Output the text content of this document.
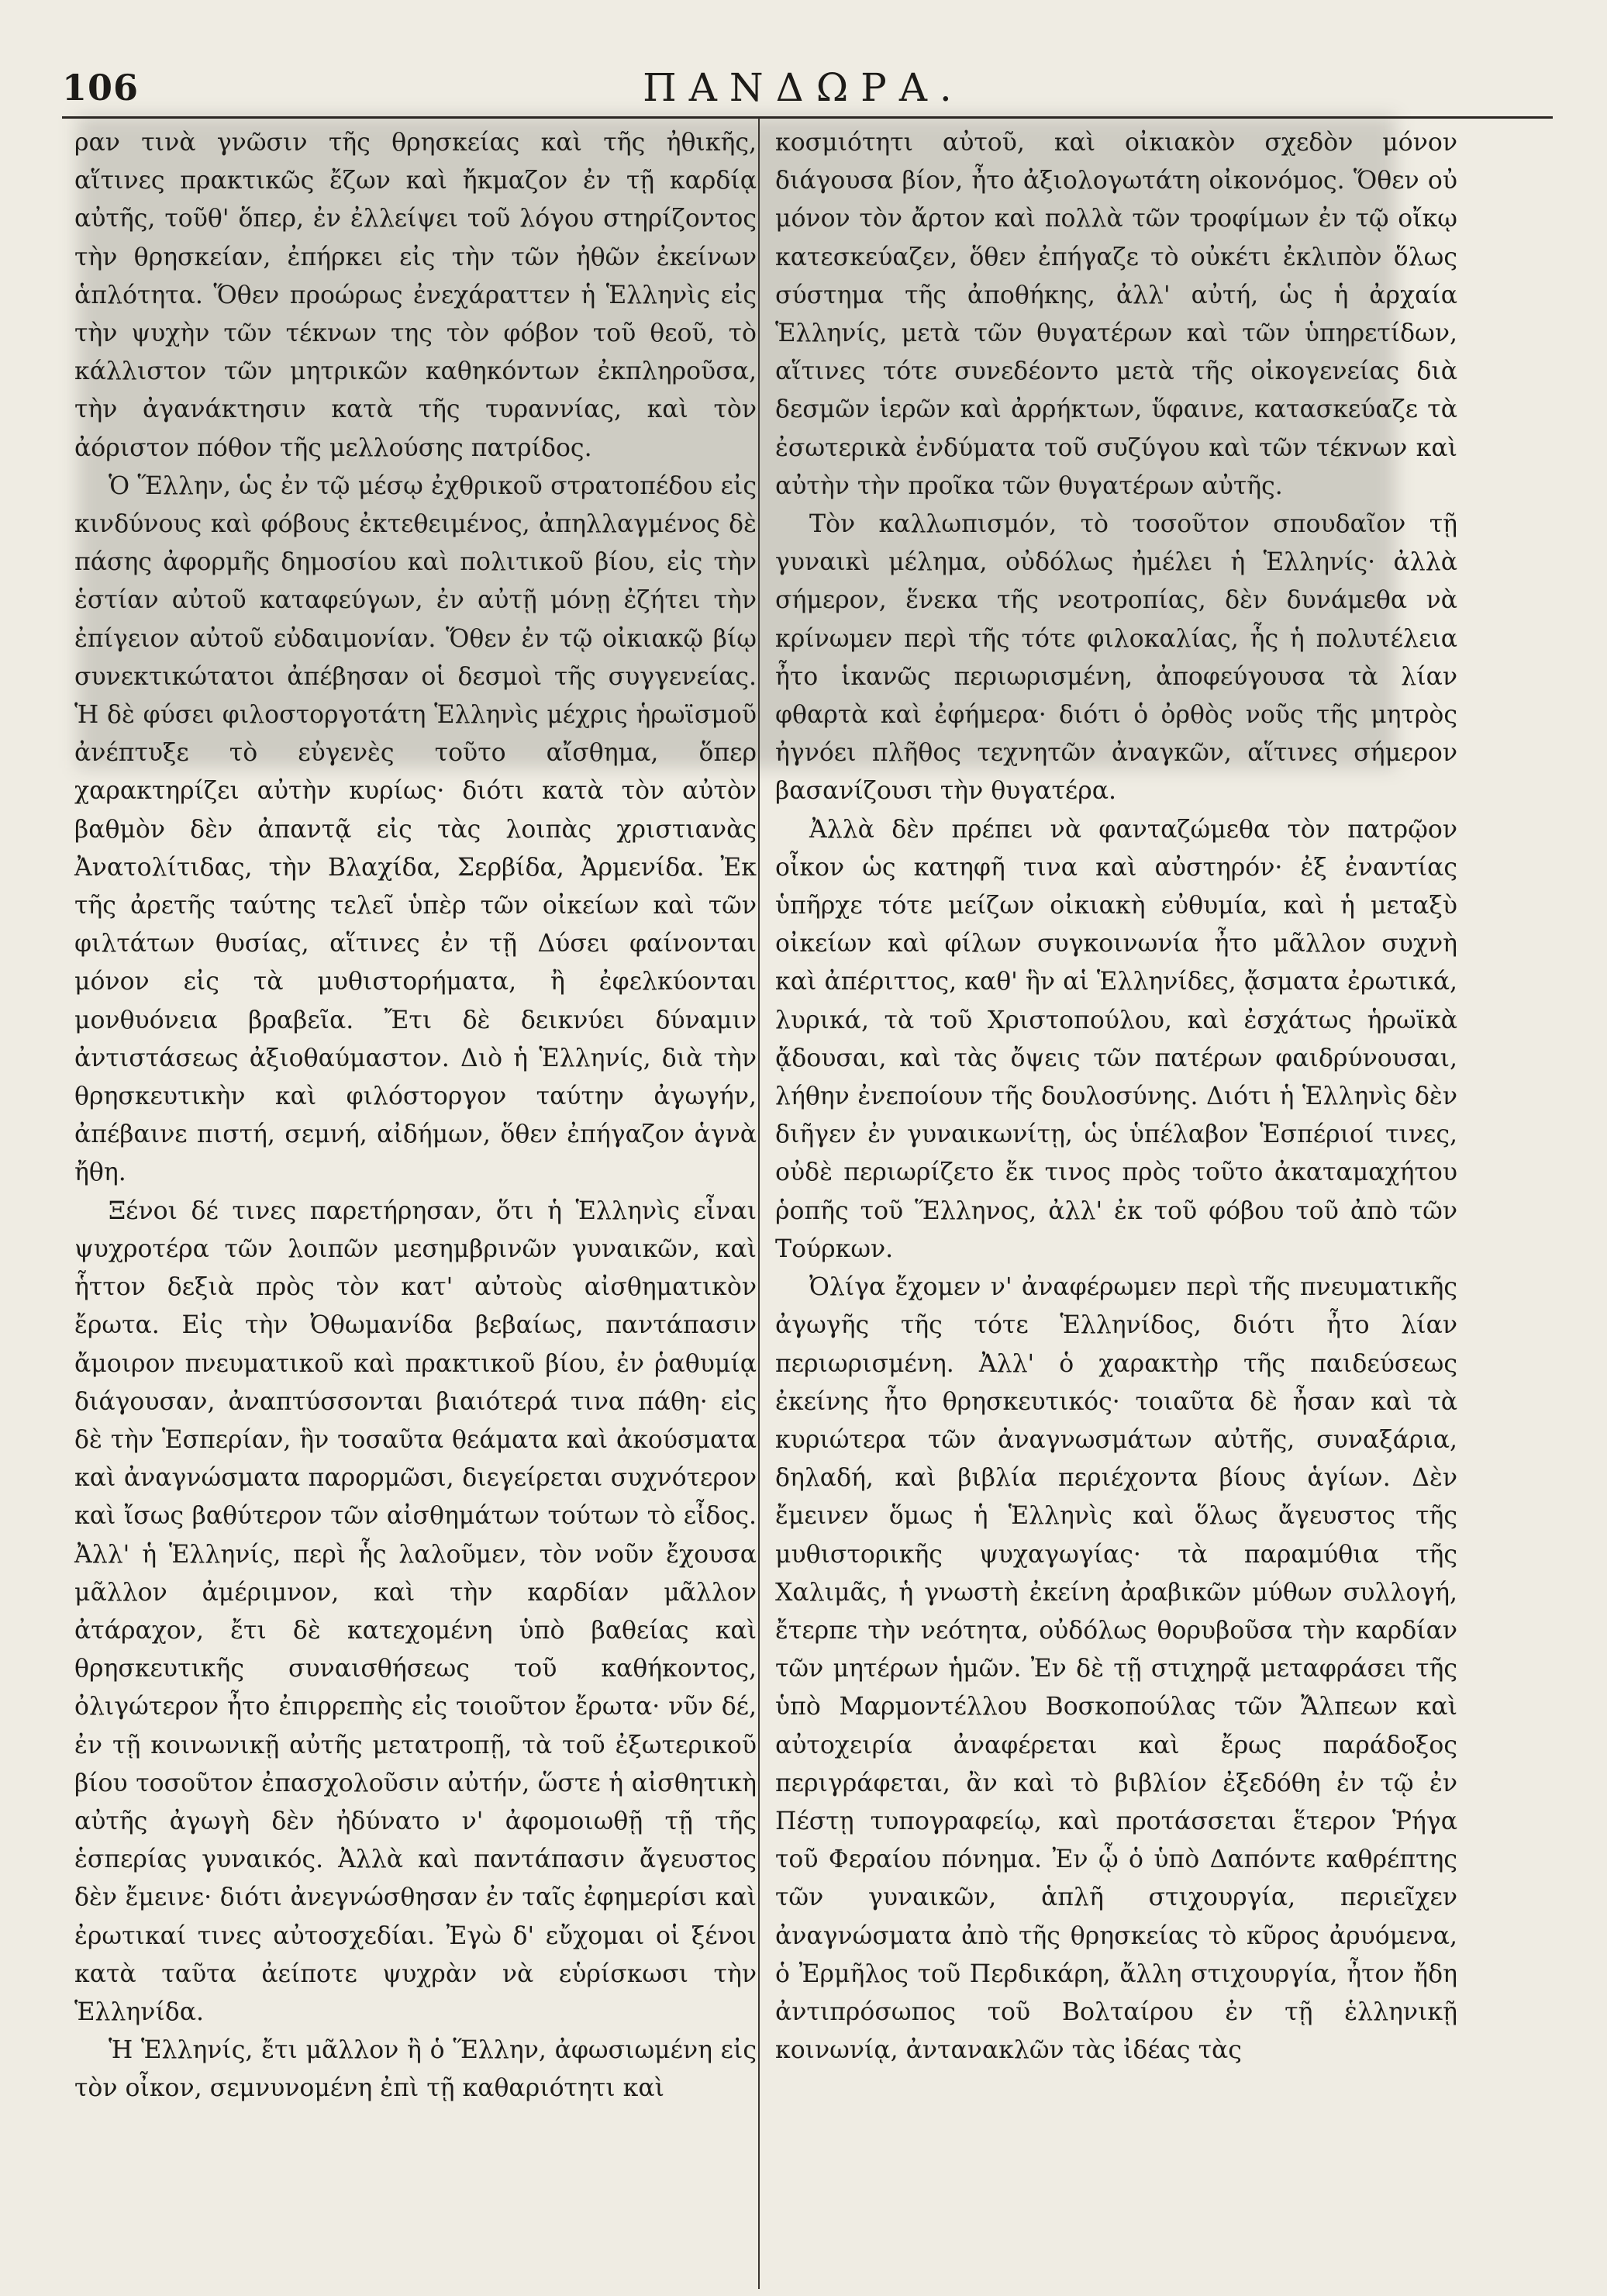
106	ΠΑΝΔΩΡΑ.

ραν τινὰ γνῶσιν τῆς θρησκείας καὶ τῆς ἠθικῆς, αἵτινες πρακτικῶς ἔζων καὶ ἤκμαζον ἐν τῇ καρδίᾳ αὐτῆς, τοῦθ' ὅπερ, ἐν ἐλλείψει τοῦ λόγου στηρίζοντος τὴν θρησκείαν, ἐπήρκει εἰς τὴν τῶν ἠθῶν ἐκείνων ἁπλότητα. Ὅθεν προώρως ἐνεχάραττεν ἡ Ἑλληνὶς εἰς τὴν ψυχὴν τῶν τέκνων της τὸν φόβον τοῦ θεοῦ, τὸ κάλλιστον τῶν μητρικῶν καθηκόντων ἐκπληροῦσα, τὴν ἀγανάκτησιν κατὰ τῆς τυραννίας, καὶ τὸν ἀόριστον πόθον τῆς μελλούσης πατρίδος.

Ὁ Ἕλλην, ὡς ἐν τῷ μέσῳ ἐχθρικοῦ στρατοπέδου εἰς κινδύνους καὶ φόβους ἐκτεθειμένος, ἀπηλλαγμένος δὲ πάσης ἀφορμῆς δημοσίου καὶ πολιτικοῦ βίου, εἰς τὴν ἑστίαν αὐτοῦ καταφεύγων, ἐν αὐτῇ μόνῃ ἐζήτει τὴν ἐπίγειον αὐτοῦ εὐδαιμονίαν. Ὅθεν ἐν τῷ οἰκιακῷ βίῳ συνεκτικώτατοι ἀπέβησαν οἱ δεσμοὶ τῆς συγγενείας. Ἡ δὲ φύσει φιλοστοργοτάτη Ἑλληνὶς μέχρις ἡρωϊσμοῦ ἀνέπτυξε τὸ εὐγενὲς τοῦτο αἴσθημα, ὅπερ χαρακτηρίζει αὐτὴν κυρίως· διότι κατὰ τὸν αὐτὸν βαθμὸν δὲν ἀπαντᾷ εἰς τὰς λοιπὰς χριστιανὰς Ἀνατολίτιδας, τὴν Βλαχίδα, Σερβίδα, Ἀρμενίδα. Ἐκ τῆς ἀρετῆς ταύτης τελεῖ ὑπὲρ τῶν οἰκείων καὶ τῶν φιλτάτων θυσίας, αἵτινες ἐν τῇ Δύσει φαίνονται μόνον εἰς τὰ μυθιστορήματα, ἢ ἐφελκύονται μονθυόνεια βραβεῖα. Ἔτι δὲ δεικνύει δύναμιν ἀντιστάσεως ἀξιοθαύμαστον. Διὸ ἡ Ἑλληνίς, διὰ τὴν θρησκευτικὴν καὶ φιλόστοργον ταύτην ἀγωγήν, ἀπέβαινε πιστή, σεμνή, αἰδήμων, ὅθεν ἐπήγαζον ἁγνὰ ἤθη.

Ξένοι δέ τινες παρετήρησαν, ὅτι ἡ Ἑλληνὶς εἶναι ψυχροτέρα τῶν λοιπῶν μεσημβρινῶν γυναικῶν, καὶ ἧττον δεξιὰ πρὸς τὸν κατ' αὐτοὺς αἰσθηματικὸν ἔρωτα. Εἰς τὴν Ὀθωμανίδα βεβαίως, παντάπασιν ἄμοιρον πνευματικοῦ καὶ πρακτικοῦ βίου, ἐν ῥαθυμίᾳ διάγουσαν, ἀναπτύσσονται βιαιότερά τινα πάθη· εἰς δὲ τὴν Ἑσπερίαν, ἣν τοσαῦτα θεάματα καὶ ἀκούσματα καὶ ἀναγνώσματα παρορμῶσι, διεγείρεται συχνότερον καὶ ἴσως βαθύτερον τῶν αἰσθημάτων τούτων τὸ εἶδος. Ἀλλ' ἡ Ἑλληνίς, περὶ ἧς λαλοῦμεν, τὸν νοῦν ἔχουσα μᾶλλον ἀμέριμνον, καὶ τὴν καρδίαν μᾶλλον ἀτάραχον, ἔτι δὲ κατεχομένη ὑπὸ βαθείας καὶ θρησκευτικῆς συναισθήσεως τοῦ καθήκοντος, ὀλιγώτερον ἦτο ἐπιρρεπὴς εἰς τοιοῦτον ἔρωτα· νῦν δέ, ἐν τῇ κοινωνικῇ αὐτῆς μετατροπῇ, τὰ τοῦ ἐξωτερικοῦ βίου τοσοῦτον ἐπασχολοῦσιν αὐτήν, ὥστε ἡ αἰσθητικὴ αὐτῆς ἀγωγὴ δὲν ἠδύνατο ν' ἀφομοιωθῇ τῇ τῆς ἑσπερίας γυναικός. Ἀλλὰ καὶ παντάπασιν ἄγευστος δὲν ἔμεινε· διότι ἀνεγνώσθησαν ἐν ταῖς ἐφημερίσι καὶ ἐρωτικαί τινες αὐτοσχεδίαι. Ἐγὼ δ' εὔχομαι οἱ ξένοι κατὰ ταῦτα ἀείποτε ψυχρὰν νὰ εὑρίσκωσι τὴν Ἑλληνίδα.

Ἡ Ἑλληνίς, ἔτι μᾶλλον ἢ ὁ Ἕλλην, ἀφωσιωμένη εἰς τὸν οἶκον, σεμνυνομένη ἐπὶ τῇ καθαριότητι καὶ

κοσμιότητι αὐτοῦ, καὶ οἰκιακὸν σχεδὸν μόνον διάγουσα βίον, ἦτο ἀξιολογωτάτη οἰκονόμος. Ὅθεν οὐ μόνον τὸν ἄρτον καὶ πολλὰ τῶν τροφίμων ἐν τῷ οἴκῳ κατεσκεύαζεν, ὅθεν ἐπήγαζε τὸ οὐκέτι ἐκλιπὸν ὅλως σύστημα τῆς ἀποθήκης, ἀλλ' αὐτή, ὡς ἡ ἀρχαία Ἑλληνίς, μετὰ τῶν θυγατέρων καὶ τῶν ὑπηρετίδων, αἵτινες τότε συνεδέοντο μετὰ τῆς οἰκογενείας διὰ δεσμῶν ἱερῶν καὶ ἀρρήκτων, ὕφαινε, κατασκεύαζε τὰ ἐσωτερικὰ ἐνδύματα τοῦ συζύγου καὶ τῶν τέκνων καὶ αὐτὴν τὴν προῖκα τῶν θυγατέρων αὐτῆς.

Τὸν καλλωπισμόν, τὸ τοσοῦτον σπουδαῖον τῇ γυναικὶ μέλημα, οὐδόλως ἠμέλει ἡ Ἑλληνίς· ἀλλὰ σήμερον, ἕνεκα τῆς νεοτροπίας, δὲν δυνάμεθα νὰ κρίνωμεν περὶ τῆς τότε φιλοκαλίας, ἧς ἡ πολυτέλεια ἦτο ἱκανῶς περιωρισμένη, ἀποφεύγουσα τὰ λίαν φθαρτὰ καὶ ἐφήμερα· διότι ὁ ὀρθὸς νοῦς τῆς μητρὸς ἠγνόει πλῆθος τεχνητῶν ἀναγκῶν, αἵτινες σήμερον βασανίζουσι τὴν θυγατέρα.

Ἀλλὰ δὲν πρέπει νὰ φανταζώμεθα τὸν πατρῷον οἶκον ὡς κατηφῆ τινα καὶ αὐστηρόν· ἐξ ἐναντίας ὑπῆρχε τότε μείζων οἰκιακὴ εὐθυμία, καὶ ἡ μεταξὺ οἰκείων καὶ φίλων συγκοινωνία ἦτο μᾶλλον συχνὴ καὶ ἀπέριττος, καθ' ἣν αἱ Ἑλληνίδες, ᾄσματα ἐρωτικά, λυρικά, τὰ τοῦ Χριστοπούλου, καὶ ἐσχάτως ἡρωϊκὰ ᾄδουσαι, καὶ τὰς ὄψεις τῶν πατέρων φαιδρύνουσαι, λήθην ἐνεποίουν τῆς δουλοσύνης. Διότι ἡ Ἑλληνὶς δὲν διῆγεν ἐν γυναικωνίτῃ, ὡς ὑπέλαβον Ἑσπέριοί τινες, οὐδὲ περιωρίζετο ἔκ τινος πρὸς τοῦτο ἀκαταμαχήτου ῥοπῆς τοῦ Ἕλληνος, ἀλλ' ἐκ τοῦ φόβου τοῦ ἀπὸ τῶν Τούρκων.

Ὀλίγα ἔχομεν ν' ἀναφέρωμεν περὶ τῆς πνευματικῆς ἀγωγῆς τῆς τότε Ἑλληνίδος, διότι ἦτο λίαν περιωρισμένη. Ἀλλ' ὁ χαρακτὴρ τῆς παιδεύσεως ἐκείνης ἦτο θρησκευτικός· τοιαῦτα δὲ ἦσαν καὶ τὰ κυριώτερα τῶν ἀναγνωσμάτων αὐτῆς, συναξάρια, δηλαδή, καὶ βιβλία περιέχοντα βίους ἁγίων. Δὲν ἔμεινεν ὅμως ἡ Ἑλληνὶς καὶ ὅλως ἄγευστος τῆς μυθιστορικῆς ψυχαγωγίας· τὰ παραμύθια τῆς Χαλιμᾶς, ἡ γνωστὴ ἐκείνη ἀραβικῶν μύθων συλλογή, ἔτερπε τὴν νεότητα, οὐδόλως θορυβοῦσα τὴν καρδίαν τῶν μητέρων ἡμῶν. Ἐν δὲ τῇ στιχηρᾷ μεταφράσει τῆς ὑπὸ Μαρμοντέλλου Βοσκοπούλας τῶν Ἄλπεων καὶ αὐτοχειρία ἀναφέρεται καὶ ἔρως παράδοξος περιγράφεται, ἂν καὶ τὸ βιβλίον ἐξεδόθη ἐν τῷ ἐν Πέστῃ τυπογραφείῳ, καὶ προτάσσεται ἕτερον Ῥήγα τοῦ Φεραίου πόνημα. Ἐν ᾧ ὁ ὑπὸ Δαπόντε καθρέπτης τῶν γυναικῶν, ἁπλῆ στιχουργία, περιεῖχεν ἀναγνώσματα ἀπὸ τῆς θρησκείας τὸ κῦρος ἀρυόμενα, ὁ Ἐρμῆλος τοῦ Περδικάρη, ἄλλη στιχουργία, ἦτον ἤδη ἀντιπρόσωπος τοῦ Βολταίρου ἐν τῇ ἑλληνικῇ κοινωνίᾳ, ἀντανακλῶν τὰς ἰδέας τὰς
